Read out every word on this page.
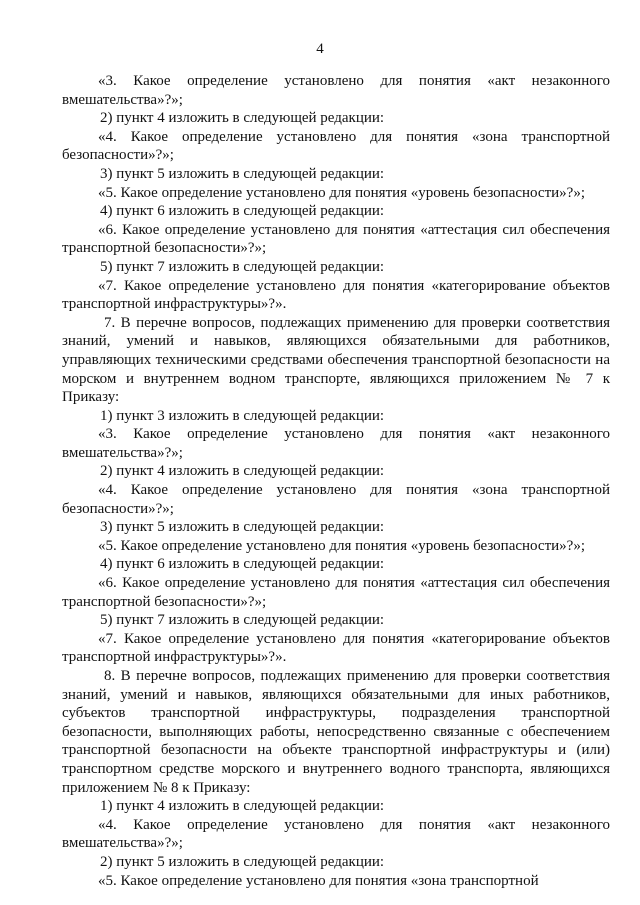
4

«3. Какое определение установлено для понятия «акт незаконного вмешательства»?»;

2) пункт 4 изложить в следующей редакции:

«4. Какое определение установлено для понятия «зона транспортной безопасности»?»;

3) пункт 5 изложить в следующей редакции:

«5. Какое определение установлено для понятия «уровень безопасности»?»;

4) пункт 6 изложить в следующей редакции:

«6. Какое определение установлено для понятия «аттестация сил обеспечения транспортной безопасности»?»;

5) пункт 7 изложить в следующей редакции:

«7. Какое определение установлено для понятия «категорирование объектов транспортной инфраструктуры»?».

7. В перечне вопросов, подлежащих применению для проверки соответствия знаний, умений и навыков, являющихся обязательными для работников, управляющих техническими средствами обеспечения транспортной безопасности на морском и внутреннем водном транспорте, являющихся приложением № 7 к Приказу:

1) пункт 3 изложить в следующей редакции:

«3. Какое определение установлено для понятия «акт незаконного вмешательства»?»;

2) пункт 4 изложить в следующей редакции:

«4. Какое определение установлено для понятия «зона транспортной безопасности»?»;

3) пункт 5 изложить в следующей редакции:

«5. Какое определение установлено для понятия «уровень безопасности»?»;

4) пункт 6 изложить в следующей редакции:

«6. Какое определение установлено для понятия «аттестация сил обеспечения транспортной безопасности»?»;

5) пункт 7 изложить в следующей редакции:

«7. Какое определение установлено для понятия «категорирование объектов транспортной инфраструктуры»?».

8. В перечне вопросов, подлежащих применению для проверки соответствия знаний, умений и навыков, являющихся обязательными для иных работников, субъектов транспортной инфраструктуры, подразделения транспортной безопасности, выполняющих работы, непосредственно связанные с обеспечением транспортной безопасности на объекте транспортной инфраструктуры и (или) транспортном средстве морского и внутреннего водного транспорта, являющихся приложением № 8 к Приказу:

1) пункт 4 изложить в следующей редакции:

«4. Какое определение установлено для понятия «акт незаконного вмешательства»?»;

2) пункт 5 изложить в следующей редакции:

«5. Какое определение установлено для понятия «зона транспортной
